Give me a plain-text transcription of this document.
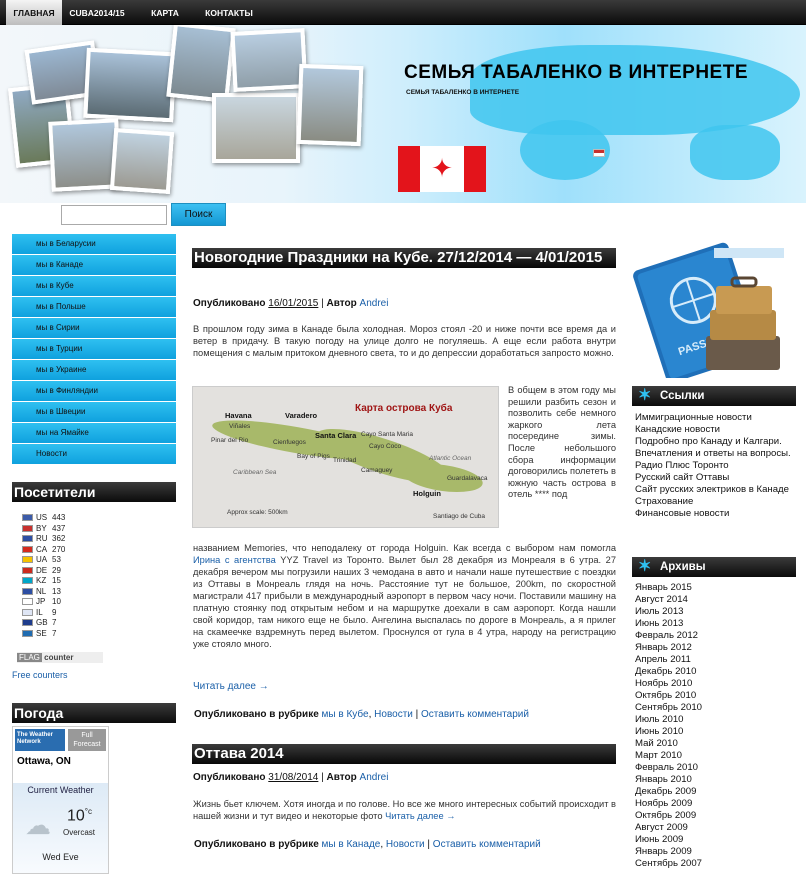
ГЛАВНАЯ	CUBA2014/15	КАРТА	КОНТАКТЫ
СЕМЬЯ ТАБАЛЕНКО В ИНТЕРНЕТЕ
СЕМЬЯ ТАБАЛЕНКО В ИНТЕРНЕТЕ
✦
Поиск
мы в Беларусии
мы в Канаде
мы в Кубе
мы в Польше
мы в Сирии
мы в Турции
мы в Украине
мы в Финляндии
мы в Швеции
мы на Ямайке
Новости
Посетители
US 443
BY 437
RU 362
CA 270
UA 53
DE 29
KZ 15
NL 13
JP 10
IL 9
GB 7
SE 7
FLAG counter
Free counters
Погода
The Weather Network
Full Forecast
Ottawa, ON
Current Weather
☁ $10^{^\circ c}$
Overcast
Wed Eve
Новогодние Праздники на Кубе. 27/12/2014 — 4/01/2015
Опубликовано 16/01/2015 | Автор Andrei
В прошлом году зима в Канаде была холодная. Мороз стоял -20 и ниже почти все время да и ветер в придачу. В такую погоду на улице долго не погуляешь. А еще если работа внутри помещения с малым притоком дневного света, то и до депрессии доработаться запросто можно.
Карта острова Куба
Havana	Varadero
Viñales
Pinar del Rio	Cienfuegos
Santa Clara Cayo Santa Maria
Cayo Coco
Trinidad
Bay of Pigs
Caribbean Sea
Atlantic Ocean
Camaguey
Holguin
Guardalavaca
Santiago de Cuba
Approx scale: 500km
В общем в этом году мы решили разбить сезон и позволить себе немного жаркого лета посередине зимы. После небольшого сбора информации договорились полететь в южную часть острова в отель **** под
названием Memories, что неподалеку от города Holguin. Как всегда с выбором нам помогла Ирина с агентства YYZ Travel из Торонто. Вылет был 28 декабря из Монреаля в 6 утра. 27 декабря вечером мы погрузили наших 3 чемодана в авто и начали наше путешествие с поездки из Оттавы в Монреаль глядя на ночь. Расстояние тут не большое, 200km, по скоростной магистрали 417 прибыли в международный аэропорт в первом часу ночи. Поставили машину на платную стоянку под открытым небом и на маршрутке доехали в сам аэропорт. Когда нашли свой коридор, там никого еще не было. Ангелина выспалась по дороге в Монреаль, а я прилег на скамеечке вздремнуть перед вылетом. Проснулся от гула в 4 утра, народу на регистрацию уже стояло много.
Читать далее →
Опубликовано в рубрике мы в Кубе, Новости | Оставить комментарий
Оттава 2014
Опубликовано 31/08/2014 | Автор Andrei
Жизнь бьет ключем. Хотя иногда и по голове. Но все же много интересных событий происходит в нашей жизни и тут видео и некоторые фото Читать далее →
Опубликовано в рубрике мы в Канаде, Новости | Оставить комментарий
✶ Ссылки
Иммиграционные новости
Канадские новости
Подробно про Канаду и Калгари. Впечатления и ответы на вопросы.
Радио Плюс Торонто
Русский сайт Оттавы
Сайт русских электриков в Канаде
Страхование
Финансовые новости
✶ Архивы
Январь 2015
Август 2014
Июль 2013
Июнь 2013
Февраль 2012
Январь 2012
Апрель 2011
Декабрь 2010
Ноябрь 2010
Октябрь 2010
Сентябрь 2010
Июль 2010
Июнь 2010
Май 2010
Март 2010
Февраль 2010
Январь 2010
Декабрь 2009
Ноябрь 2009
Октябрь 2009
Август 2009
Июнь 2009
Январь 2009
Сентябрь 2007
